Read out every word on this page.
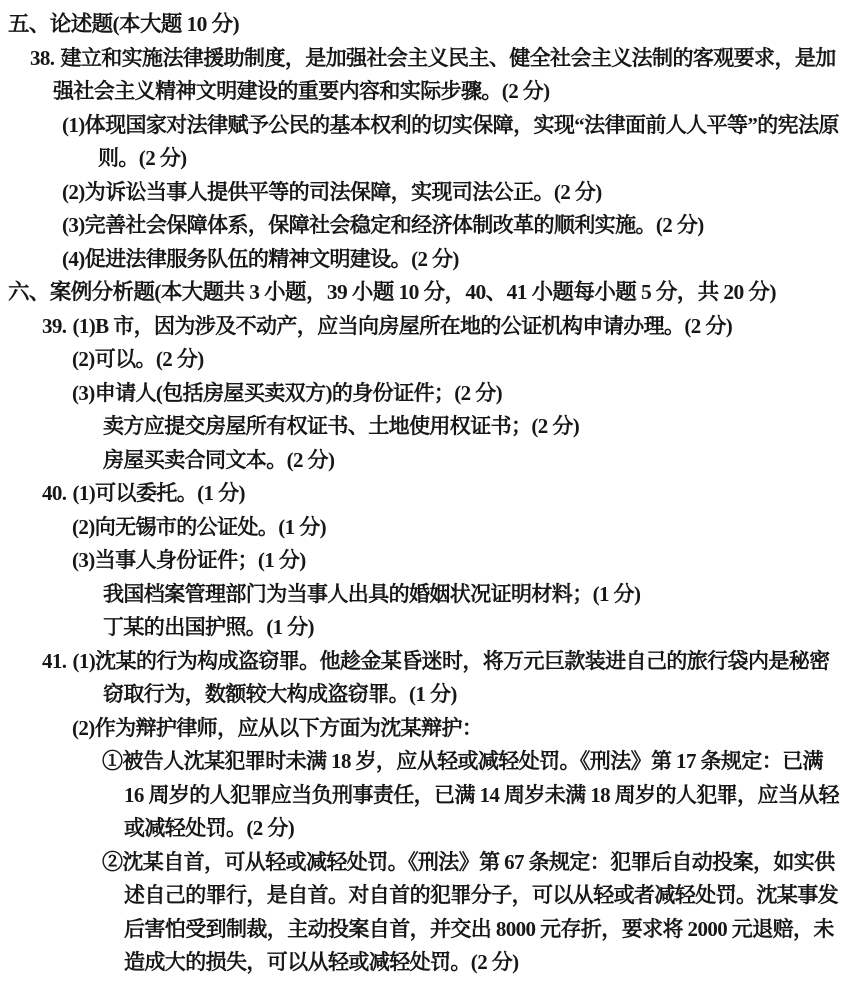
五、论述题(本大题 10 分)
38. 建立和实施法律援助制度，是加强社会主义民主、健全社会主义法制的客观要求，是加强社会主义精神文明建设的重要内容和实际步骤。(2 分)
(1)体现国家对法律赋予公民的基本权利的切实保障，实现“法律面前人人平等”的宪法原则。(2 分)
(2)为诉讼当事人提供平等的司法保障，实现司法公正。(2 分)
(3)完善社会保障体系，保障社会稳定和经济体制改革的顺利实施。(2 分)
(4)促进法律服务队伍的精神文明建设。(2 分)
六、案例分析题(本大题共 3 小题，39 小题 10 分，40、41 小题每小题 5 分，共 20 分)
39. (1)B 市，因为涉及不动产，应当向房屋所在地的公证机构申请办理。(2 分)
(2)可以。(2 分)
(3)申请人(包括房屋买卖双方)的身份证件；(2 分)
卖方应提交房屋所有权证书、土地使用权证书；(2 分)
房屋买卖合同文本。(2 分)
40. (1)可以委托。(1 分)
(2)向无锡市的公证处。(1 分)
(3)当事人身份证件；(1 分)
我国档案管理部门为当事人出具的婚姻状况证明材料；(1 分)
丁某的出国护照。(1 分)
41. (1)沈某的行为构成盗窃罪。他趁金某昏迷时，将万元巨款装进自己的旅行袋内是秘密窃取行为，数额较大构成盗窃罪。(1 分)
(2)作为辩护律师，应从以下方面为沈某辩护：
①被告人沈某犯罪时未满 18 岁，应从轻或减轻处罚。《刑法》第 17 条规定：已满 16 周岁的人犯罪应当负刑事责任，已满 14 周岁未满 18 周岁的人犯罪，应当从轻或减轻处罚。(2 分)
②沈某自首，可从轻或减轻处罚。《刑法》第 67 条规定：犯罪后自动投案，如实供述自己的罪行，是自首。对自首的犯罪分子，可以从轻或者减轻处罚。沈某事发后害怕受到制裁，主动投案自首，并交出 8000 元存折，要求将 2000 元退赔，未造成大的损失，可以从轻或减轻处罚。(2 分)
